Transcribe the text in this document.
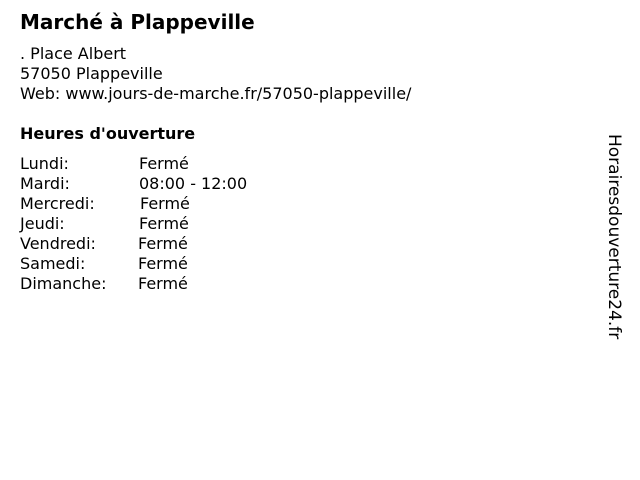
Marché à Plappeville
. Place Albert
57050 Plappeville
Web: www.jours-de-marche.fr/57050-plappeville/
Heures d'ouverture
Lundi:	Fermé
Mardi:	08:00 - 12:00
Mercredi:	Fermé
Jeudi:	Fermé
Vendredi:	Fermé
Samedi:	Fermé
Dimanche: Fermé	Horairesdouverture24.fr
